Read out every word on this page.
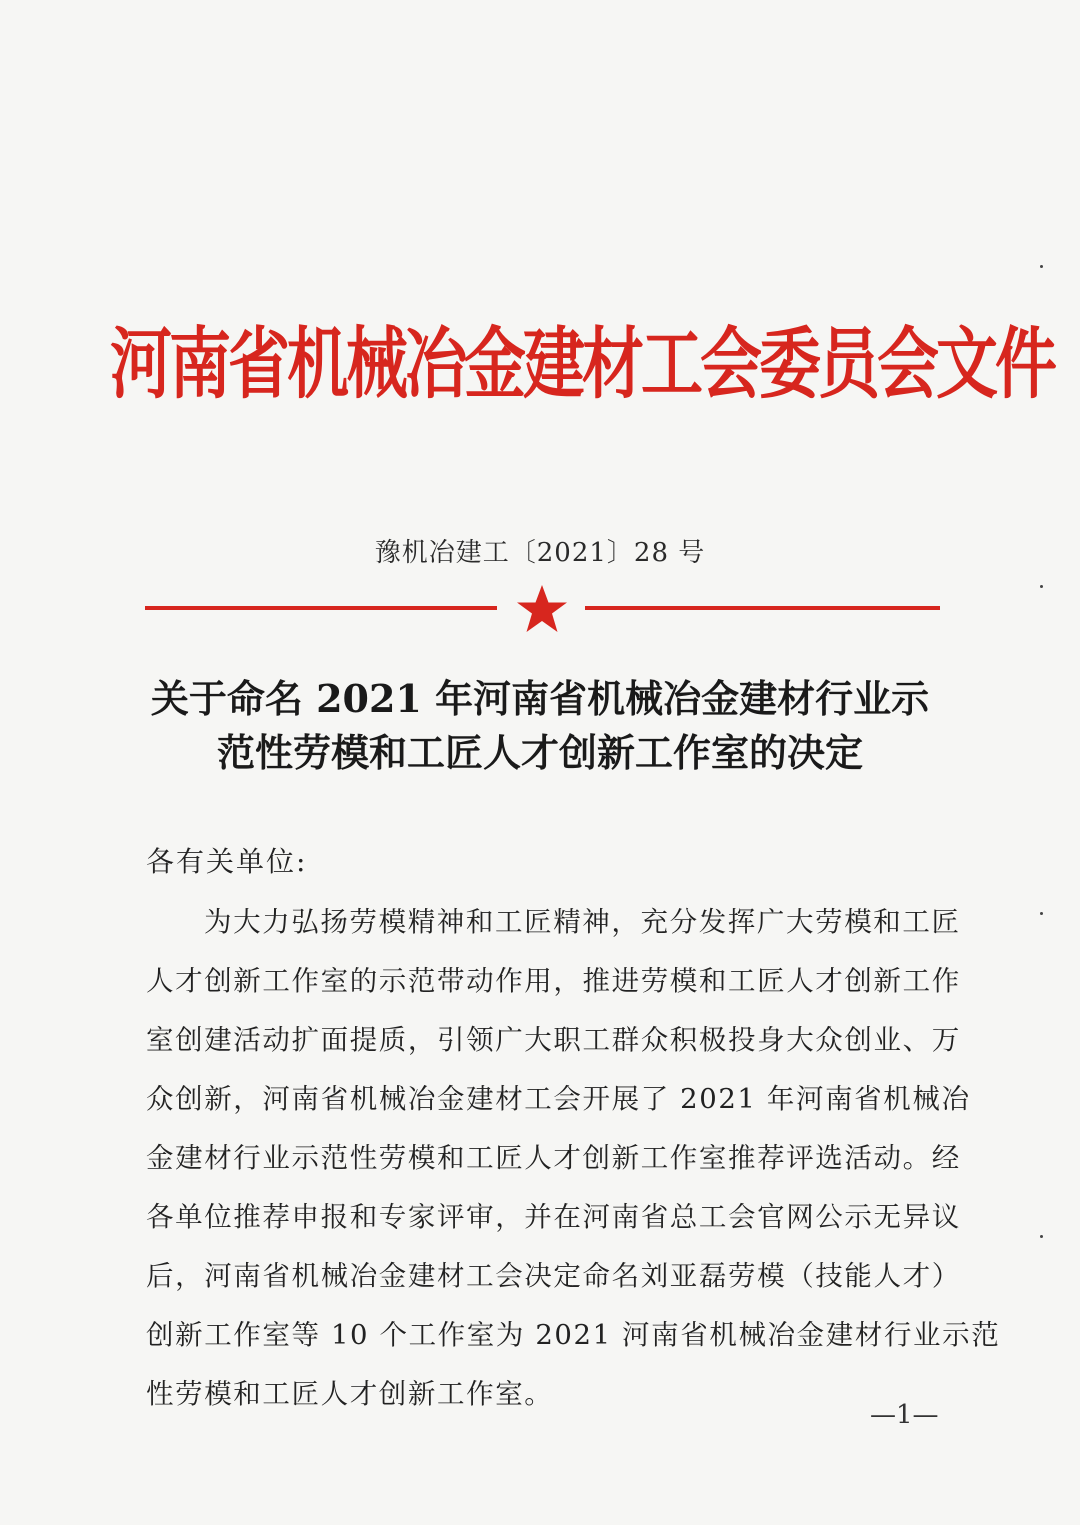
河南省机械冶金建材工会委员会文件
豫机冶建工〔2021〕28 号
关于命名 2021 年河南省机械冶金建材行业示
范性劳模和工匠人才创新工作室的决定
各有关单位:
为大力弘扬劳模精神和工匠精神，充分发挥广大劳模和工匠
人才创新工作室的示范带动作用，推进劳模和工匠人才创新工作
室创建活动扩面提质，引领广大职工群众积极投身大众创业、万
众创新，河南省机械冶金建材工会开展了 2021 年河南省机械冶
金建材行业示范性劳模和工匠人才创新工作室推荐评选活动。经
各单位推荐申报和专家评审，并在河南省总工会官网公示无异议
后，河南省机械冶金建材工会决定命名刘亚磊劳模（技能人才）
创新工作室等 10 个工作室为 2021 河南省机械冶金建材行业示范
性劳模和工匠人才创新工作室。
—1—
